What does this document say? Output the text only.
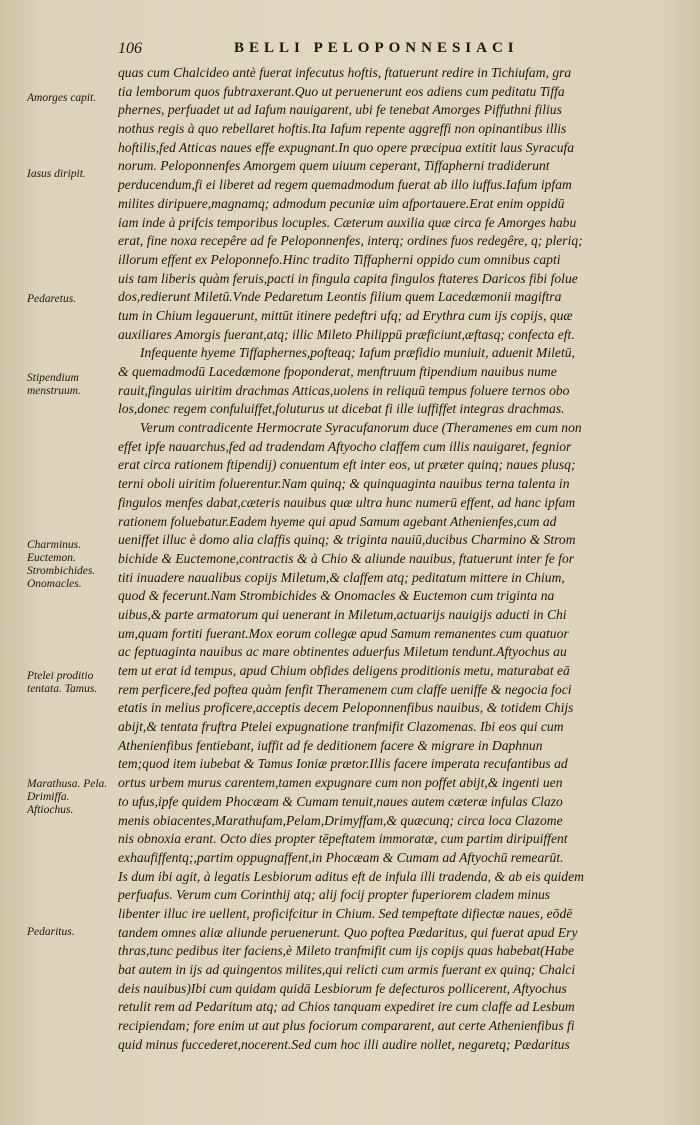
106	BELLI PELOPONNESIACI
Amorges capit.
Iasus diripit.
Pedaretus.
Stipendium menstruum.
Charminus. Euctemon. Strombichides. Onomacles.
Ptelei proditio tentata. Tamus.
Marathusa. Pela. Drimiffa. Aftiochus.
Pedaritus.
quas cum Chalcideo antè fuerat infecutus hoftis, ftatuerunt redire in Tichiufam, gra
tia lemborum quos fubtraxerant.Quo ut peruenerunt eos adiens cum peditatu Tiffa
phernes, perfuadet ut ad Iafum nauigarent, ubi fe tenebat Amorges Piffuthni filius
nothus regis à quo rebellaret hoftis.Ita Iafum repente aggreffi non opinantibus illis
hoftilis,fed Atticas naues effe expugnant.In quo opere præcipua extitit laus Syracufa
norum. Peloponnenfes Amorgem quem uiuum ceperant, Tiffapherni tradiderunt
perducendum,fi ei liberet ad regem quemadmodum fuerat ab illo iuffus.Iafum ipfam
milites diripuere,magnamq; admodum pecuniæ uim afportauere.Erat enim oppidū
iam inde à prifcis temporibus locuples. Cæterum auxilia quæ circa fe Amorges habu
erat, fine noxa recepêre ad fe Peloponnenfes, interq; ordines fuos redegêre, q; pleriq;
illorum effent ex Peloponnefo.Hinc tradito Tiffapherni oppido cum omnibus capti
uis tam liberis quàm feruis,pacti in fingula capita fingulos ftateres Daricos fibi folue
dos,redierunt Miletū.Vnde Pedaretum Leontis filium quem Lacedæmonii magiftra
tum in Chium legauerunt, mittūt itinere pedeftri ufq; ad Erythra cum ijs copijs, quæ
auxiliares Amorgis fuerant,atq; illic Mileto Philippū præficiunt,æftasq; confecta eft.
Infequente hyeme Tiffaphernes,pofteaq; Iafum præfidio muniuit, aduenit Miletū,
& quemadmodū Lacedæmone fpoponderat, menftruum ftipendium nauibus nume
rauit,fingulas uiritim drachmas Atticas,uolens in reliquū tempus foluere ternos obo
los,donec regem confuluiffet,foluturus ut dicebat fi ille iuffiffet integras drachmas.
Verum contradicente Hermocrate Syracufanorum duce (Theramenes em cum non
effet ipfe nauarchus,fed ad tradendam Aftyocho claffem cum illis nauigaret, fegnior
erat circa rationem ftipendij) conuentum eft inter eos, ut præter quinq; naues plusq;
terni oboli uiritim foluerentur.Nam quinq; & quinquaginta nauibus terna talenta in
fingulos menfes dabat,cæteris nauibus quæ ultra hunc numerū effent, ad hanc ipfam
rationem foluebatur.Eadem hyeme qui apud Samum agebant Athenienfes,cum ad
ueniffet illuc è domo alia claffis quinq; & triginta nauiū,ducibus Charmino & Strom
bichide & Euctemone,contractis & à Chio & aliunde nauibus, ftatuerunt inter fe for
titi inuadere naualibus copijs Miletum,& claffem atq; peditatum mittere in Chium,
quod & fecerunt.Nam Strombichides & Onomacles & Euctemon cum triginta na
uibus,& parte armatorum qui uenerant in Miletum,actuarijs nauigijs aducti in Chi
um,quam fortiti fuerant.Mox eorum collegæ apud Samum remanentes cum quatuor
ac feptuaginta nauibus ac mare obtinentes aduerfus Miletum tendunt.Aftyochus au
tem ut erat id tempus, apud Chium obfides deligens proditionis metu, maturabat eā
rem perficere,fed poftea quàm fenfit Theramenem cum claffe ueniffe & negocia foci
etatis in melius proficere,acceptis decem Peloponnenfibus nauibus, & totidem Chijs
abijt,& tentata fruftra Ptelei expugnatione tranfmifit Clazomenas. Ibi eos qui cum
Athenienfibus fentiebant, iuffit ad fe deditionem facere & migrare in Daphnun
tem;quod item iubebat & Tamus Ioniæ prætor.Illis facere imperata recufantibus ad
ortus urbem murus carentem,tamen expugnare cum non poffet abijt,& ingenti uen
to ufus,ipfe quidem Phocæam & Cumam tenuit,naues autem cæteræ infulas Clazo
menis obiacentes,Marathufam,Pelam,Drimyffam,& quæcunq; circa loca Clazome
nis obnoxia erant. Octo dies propter tēpeftatem immoratæ, cum partim diripuiffent
exhaufiffentq;,partim oppugnaffent,in Phocæam & Cumam ad Aftyochū remearūt.
Is dum ibi agit, à legatis Lesbiorum aditus eft de infula illi tradenda, & ab eis quidem
perfuafus. Verum cum Corinthij atq; alij focij propter fuperiorem cladem minus
libenter illuc ire uellent, proficifcitur in Chium. Sed tempeftate difiectæ naues, eōdē
tandem omnes aliæ aliunde peruenerunt. Quo poftea Pædaritus, qui fuerat apud Ery
thras,tunc pedibus iter faciens,è Mileto tranfmifit cum ijs copijs quas habebat(Habe
bat autem in ijs ad quingentos milites,qui relicti cum armis fuerant ex quinq; Chalci
deis nauibus)Ibi cum quidam quidā Lesbiorum fe defecturos pollicerent, Aftyochus
retulit rem ad Pedaritum atq; ad Chios tanquam expediret ire cum claffe ad Lesbum
recipiendam; fore enim ut aut plus fociorum compararent, aut certe Athenienfibus fi
quid minus fuccederet,nocerent.Sed cum hoc illi audire nollet, negaretq; Pædaritus
